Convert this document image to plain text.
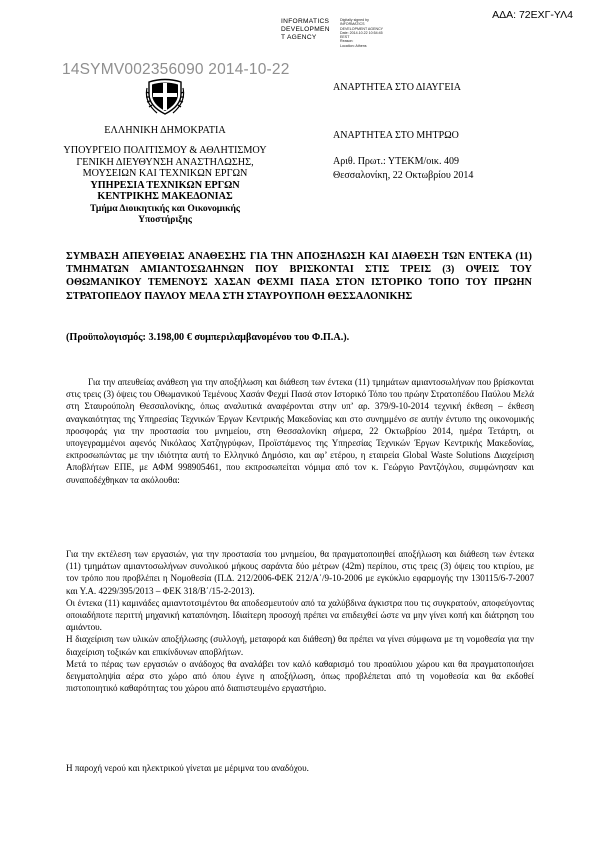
ΑΔΑ: 72ΕΧΓ-ΥΛ4
INFORMATICS
DEVELOPMEN
T AGENCY
Digitally signed by
INFORMATICS
DEVELOPMENT AGENCY
Date: 2014.10.22 10:54:45
EEST
Reason:
Location: Athens
14SYMV002356090 2014-10-22
ΕΛΛΗΝΙΚΗ ΔΗΜΟΚΡΑΤΙΑ
ΥΠΟΥΡΓΕΙΟ ΠΟΛΙΤΙΣΜΟΥ & ΑΘΛΗΤΙΣΜΟΥ
ΓΕΝΙΚΗ ΔΙΕΥΘΥΝΣΗ ΑΝΑΣΤΗΛΩΣΗΣ,
ΜΟΥΣΕΙΩΝ ΚΑΙ ΤΕΧΝΙΚΩΝ ΕΡΓΩΝ
ΥΠΗΡΕΣΙΑ ΤΕΧΝΙΚΩΝ ΕΡΓΩΝ
ΚΕΝΤΡΙΚΗΣ ΜΑΚΕΔΟΝΙΑΣ
Τμήμα Διοικητικής και Οικονομικής
Υποστήριξης
ΑΝΑΡΤΗΤΕΑ ΣΤΟ ΔΙΑΥΓΕΙΑ
ΑΝΑΡΤΗΤΕΑ ΣΤΟ ΜΗΤΡΩΟ
Αριθ. Πρωτ.: ΥΤΕΚΜ/οικ. 409
Θεσσαλονίκη, 22 Οκτωβρίου 2014
ΣΥΜΒΑΣΗ ΑΠΕΥΘΕΙΑΣ ΑΝΑΘΕΣΗΣ ΓΙΑ ΤΗΝ ΑΠΟΞΗΛΩΣΗ ΚΑΙ ΔΙΑΘΕΣΗ ΤΩΝ ΕΝΤΕΚΑ (11) ΤΜΗΜΑΤΩΝ ΑΜΙΑΝΤΟΣΩΛΗΝΩΝ ΠΟΥ ΒΡΙΣΚΟΝΤΑΙ ΣΤΙΣ ΤΡΕΙΣ (3) ΟΨΕΙΣ ΤΟΥ ΟΘΩΜΑΝΙΚΟΥ ΤΕΜΕΝΟΥΣ ΧΑΣΑΝ ΦΕΧΜΙ ΠΑΣΑ ΣΤΟΝ ΙΣΤΟΡΙΚΟ ΤΟΠΟ ΤΟΥ ΠΡΩΗΝ ΣΤΡΑΤΟΠΕΔΟΥ ΠΑΥΛΟΥ ΜΕΛΑ ΣΤΗ ΣΤΑΥΡΟΥΠΟΛΗ ΘΕΣΣΑΛΟΝΙΚΗΣ
(Προϋπολογισμός: 3.198,00 € συμπεριλαμβανομένου του Φ.Π.Α.).

Για την απευθείας ανάθεση για την αποξήλωση και διάθεση των έντεκα (11) τμημάτων αμιαντοσωλήνων που βρίσκονται στις τρεις (3) όψεις του Οθωμανικού Τεμένους Χασάν Φεχμί Πασά στον Ιστορικό Τόπο του πρώην Στρατοπέδου Παύλου Μελά στη Σταυρούπολη Θεσσαλονίκης, όπως αναλυτικά αναφέρονται στην υπ’ αρ. 379/9-10-2014 τεχνική έκθεση – έκθεση αναγκαιότητας της Υπηρεσίας Τεχνικών Έργων Κεντρικής Μακεδονίας και στο συνημμένο σε αυτήν έντυπο της οικονομικής προσφοράς για την προστασία του μνημείου, στη Θεσσαλονίκη σήμερα, 22 Οκτωβρίου 2014, ημέρα Τετάρτη, οι υπογεγραμμένοι αφενός Νικόλαος Χατζηγρύφων, Προϊστάμενος της Υπηρεσίας Τεχνικών Έργων Κεντρικής Μακεδονίας, εκπροσωπώντας με την ιδιότητα αυτή το Ελληνικό Δημόσιο, και αφ’ ετέρου, η εταιρεία Global Waste Solutions Διαχείριση Αποβλήτων ΕΠΕ, με ΑΦΜ 998905461, που εκπροσωπείται νόμιμα από τον κ. Γεώργιο Ραντζόγλου, συμφώνησαν και συναποδέχθηκαν τα ακόλουθα:

Για την εκτέλεση των εργασιών, για την προστασία του μνημείου, θα πραγματοποιηθεί αποξήλωση και διάθεση των έντεκα (11) τμημάτων αμιαντοσωλήνων συνολικού μήκους σαράντα δύο μέτρων (42m) περίπου, στις τρεις (3) όψεις του κτιρίου, με τον τρόπο που προβλέπει η Νομοθεσία (Π.Δ. 212/2006-ΦΕΚ 212/Α΄/9-10-2006 με εγκύκλιο εφαρμογής την 130115/6-7-2007 και Υ.Α. 4229/395/2013 – ΦΕΚ 318/Β΄/15-2-2013).

Οι έντεκα (11) καμινάδες αμιαντοτσιμέντου θα αποδεσμευτούν από τα χαλύβδινα άγκιστρα που τις συγκρατούν, αποφεύγοντας οποιαδήποτε περιττή μηχανική καταπόνηση. Ιδιαίτερη προσοχή πρέπει να επιδειχθεί ώστε να μην γίνει κοπή και διάτρηση του αμιάντου.

Η διαχείριση των υλικών αποξήλωσης (συλλογή, μεταφορά και διάθεση) θα πρέπει να γίνει σύμφωνα με τη νομοθεσία για την διαχείριση τοξικών και επικίνδυνων αποβλήτων.

Μετά το πέρας των εργασιών ο ανάδοχος θα αναλάβει τον καλό καθαρισμό του προαύλιου χώρου και θα πραγματοποιήσει δειγματοληψία αέρα στο χώρο από όπου έγινε η αποξήλωση, όπως προβλέπεται από τη νομοθεσία και θα εκδοθεί πιστοποιητικό καθαρότητας του χώρου από διαπιστευμένο εργαστήριο.

Η παροχή νερού και ηλεκτρικού γίνεται με μέριμνα του αναδόχου.
